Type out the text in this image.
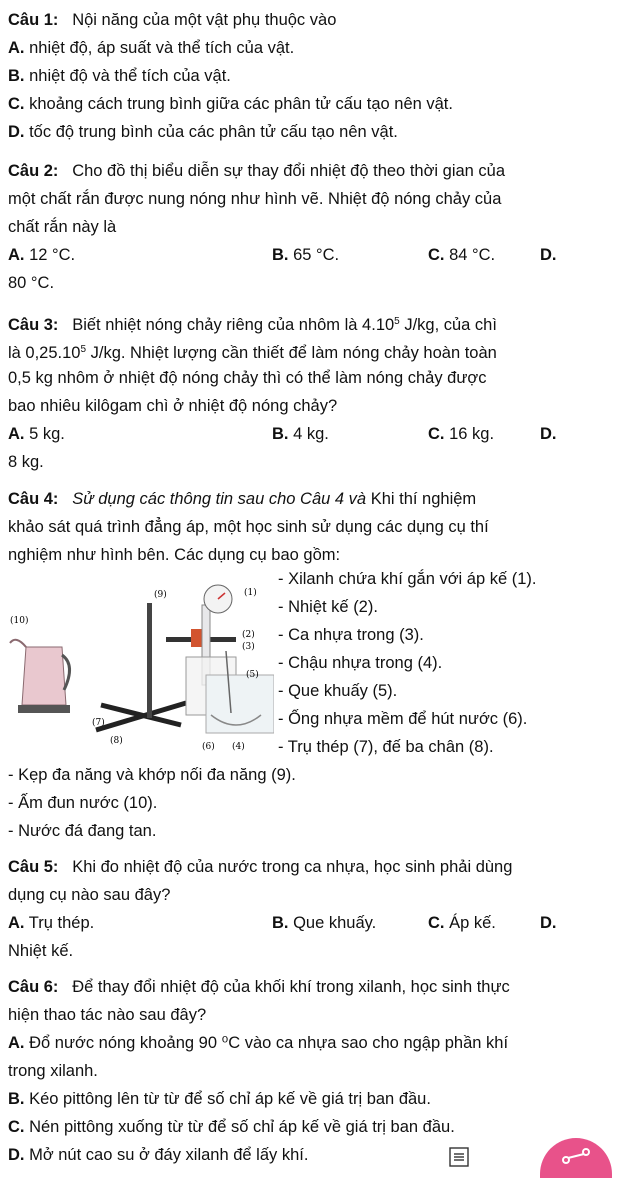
Câu 1: Nội năng của một vật phụ thuộc vào
A. nhiệt độ, áp suất và thể tích của vật.
B. nhiệt độ và thể tích của vật.
C. khoảng cách trung bình giữa các phân tử cấu tạo nên vật.
D. tốc độ trung bình của các phân tử cấu tạo nên vật.
Câu 2: Cho đồ thị biểu diễn sự thay đổi nhiệt độ theo thời gian của
một chất rắn được nung nóng như hình vẽ. Nhiệt độ nóng chảy của
chất rắn này là
A. 12 °C.	B. 65 °C.	C. 84 °C.	D.
80 °C.
Câu 3: Biết nhiệt nóng chảy riêng của nhôm là 4.10$^5$ J/kg, của chì
là 0,25.10$^5$ J/kg. Nhiệt lượng cần thiết để làm nóng chảy hoàn toàn
0,5 kg nhôm ở nhiệt độ nóng chảy thì có thể làm nóng chảy được
bao nhiêu kilôgam chì ở nhiệt độ nóng chảy?
A. 5 kg.	B. 4 kg.	C. 16 kg.	D.
8 kg.
Câu 4: Sử dụng các thông tin sau cho Câu 4 và Khi thí nghiệm
khảo sát quá trình đẳng áp, một học sinh sử dụng các dụng cụ thí
nghiệm như hình bên. Các dụng cụ bao gồm:
(9)	(1)
(10)
(2)
(3)
(5)
(7)
(8)
(6) (4)
- Xilanh chứa khí gắn với áp kế (1).
- Nhiệt kế (2).
- Ca nhựa trong (3).
- Chậu nhựa trong (4).
- Que khuấy (5).
- Ống nhựa mềm để hút nước (6).
- Trụ thép (7), đế ba chân (8).
- Kẹp đa năng và khớp nối đa năng (9).
- Ấm đun nước (10).
- Nước đá đang tan.
Câu 5: Khi đo nhiệt độ của nước trong ca nhựa, học sinh phải dùng
dụng cụ nào sau đây?
A. Trụ thép.	B. Que khuấy.	C. Áp kế.	D.
Nhiệt kế.
Câu 6: Để thay đổi nhiệt độ của khối khí trong xilanh, học sinh thực
hiện thao tác nào sau đây?
A. Đổ nước nóng khoảng 90 ⁰C vào ca nhựa sao cho ngập phần khí
trong xilanh.
B. Kéo pittông lên từ từ để số chỉ áp kế về giá trị ban đầu.
C. Nén pittông xuống từ từ để số chỉ áp kế về giá trị ban đầu.
D. Mở nút cao su ở đáy xilanh để lấy khí.
